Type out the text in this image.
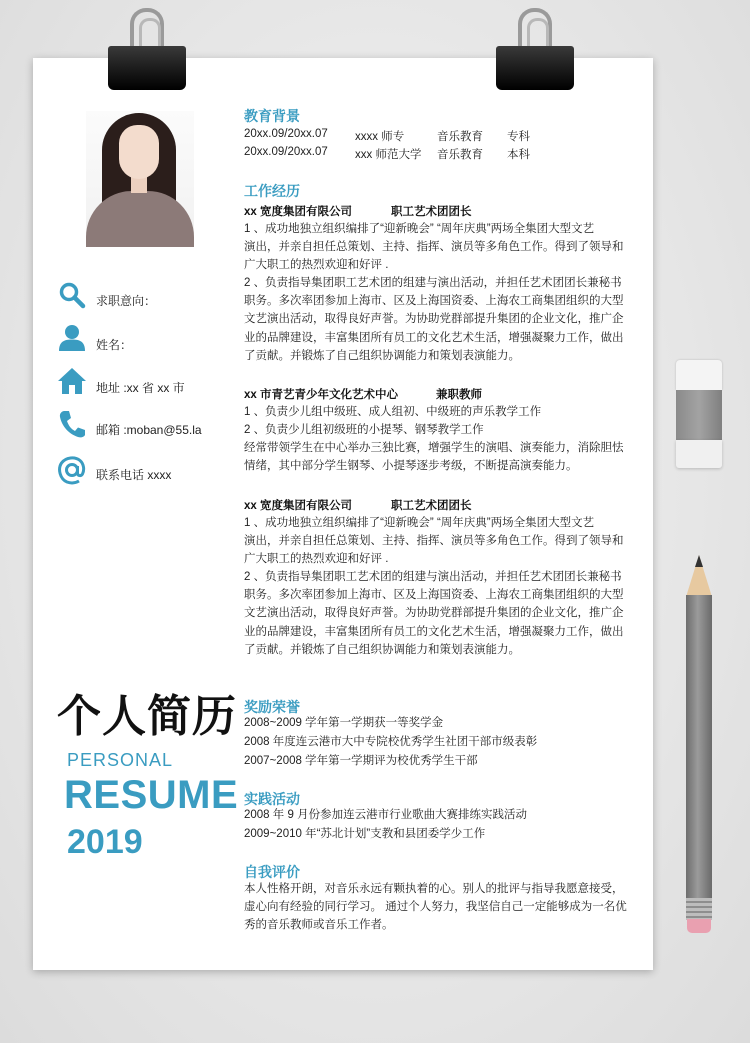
求职意向：
姓名：
地址 :xx 省 xx 市
邮箱 :moban@55.la
联系电话 xxxx
个人简历
PERSONAL
RESUME
2019
教育背景
20xx.09/20xx.07 xxxx 师专	音乐教育 专科
20xx.09/20xx.07 xxx 师范大学 音乐教育 本科
工作经历
xx 宽度集团有限公司	职工艺术团团长
1 、成功地独立组织编排了“迎新晚会” “周年庆典”两场全集团大型文艺
演出，并亲自担任总策划、主持、指挥、演员等多角色工作。得到了领导和
广大职工的热烈欢迎和好评 .
2 、负责指导集团职工艺术团的组建与演出活动，并担任艺术团团长兼秘书
职务。多次率团参加上海市、区及上海国资委、上海农工商集团组织的大型
文艺演出活动，取得良好声誉。为协助党群部提升集团的企业文化，推广企
业的品牌建设，丰富集团所有员工的文化艺术生活，增强凝聚力工作，做出
了贡献。并锻炼了自己组织协调能力和策划表演能力。
xx 市青艺青少年文化艺术中心	兼职教师
1 、负责少儿组中级班、成人组初、中级班的声乐教学工作
2 、负责少儿组初级班的小提琴、钢琴教学工作
经常带领学生在中心举办三独比赛，增强学生的演唱、演奏能力，消除胆怯
情绪，其中部分学生钢琴、小提琴逐步考级，不断提高演奏能力。
xx 宽度集团有限公司	职工艺术团团长
1 、成功地独立组织编排了“迎新晚会” “周年庆典”两场全集团大型文艺
演出，并亲自担任总策划、主持、指挥、演员等多角色工作。得到了领导和
广大职工的热烈欢迎和好评 .
2 、负责指导集团职工艺术团的组建与演出活动，并担任艺术团团长兼秘书
职务。多次率团参加上海市、区及上海国资委、上海农工商集团组织的大型
文艺演出活动，取得良好声誉。为协助党群部提升集团的企业文化，推广企
业的品牌建设，丰富集团所有员工的文化艺术生活，增强凝聚力工作，做出
了贡献。并锻炼了自己组织协调能力和策划表演能力。
奖励荣誉
2008~2009 学年第一学期获一等奖学金
2008 年度连云港市大中专院校优秀学生社团干部市级表彰
2007~2008 学年第一学期评为校优秀学生干部
实践活动
2008 年 9 月份参加连云港市行业歌曲大赛排练实践活动
2009~2010 年“苏北计划”支教和县团委学少工作
自我评价
本人性格开朗，对音乐永远有颗执着的心。别人的批评与指导我愿意接受，
虚心向有经验的同行学习。 通过个人努力，我坚信自己一定能够成为一名优
秀的音乐教师或音乐工作者。
